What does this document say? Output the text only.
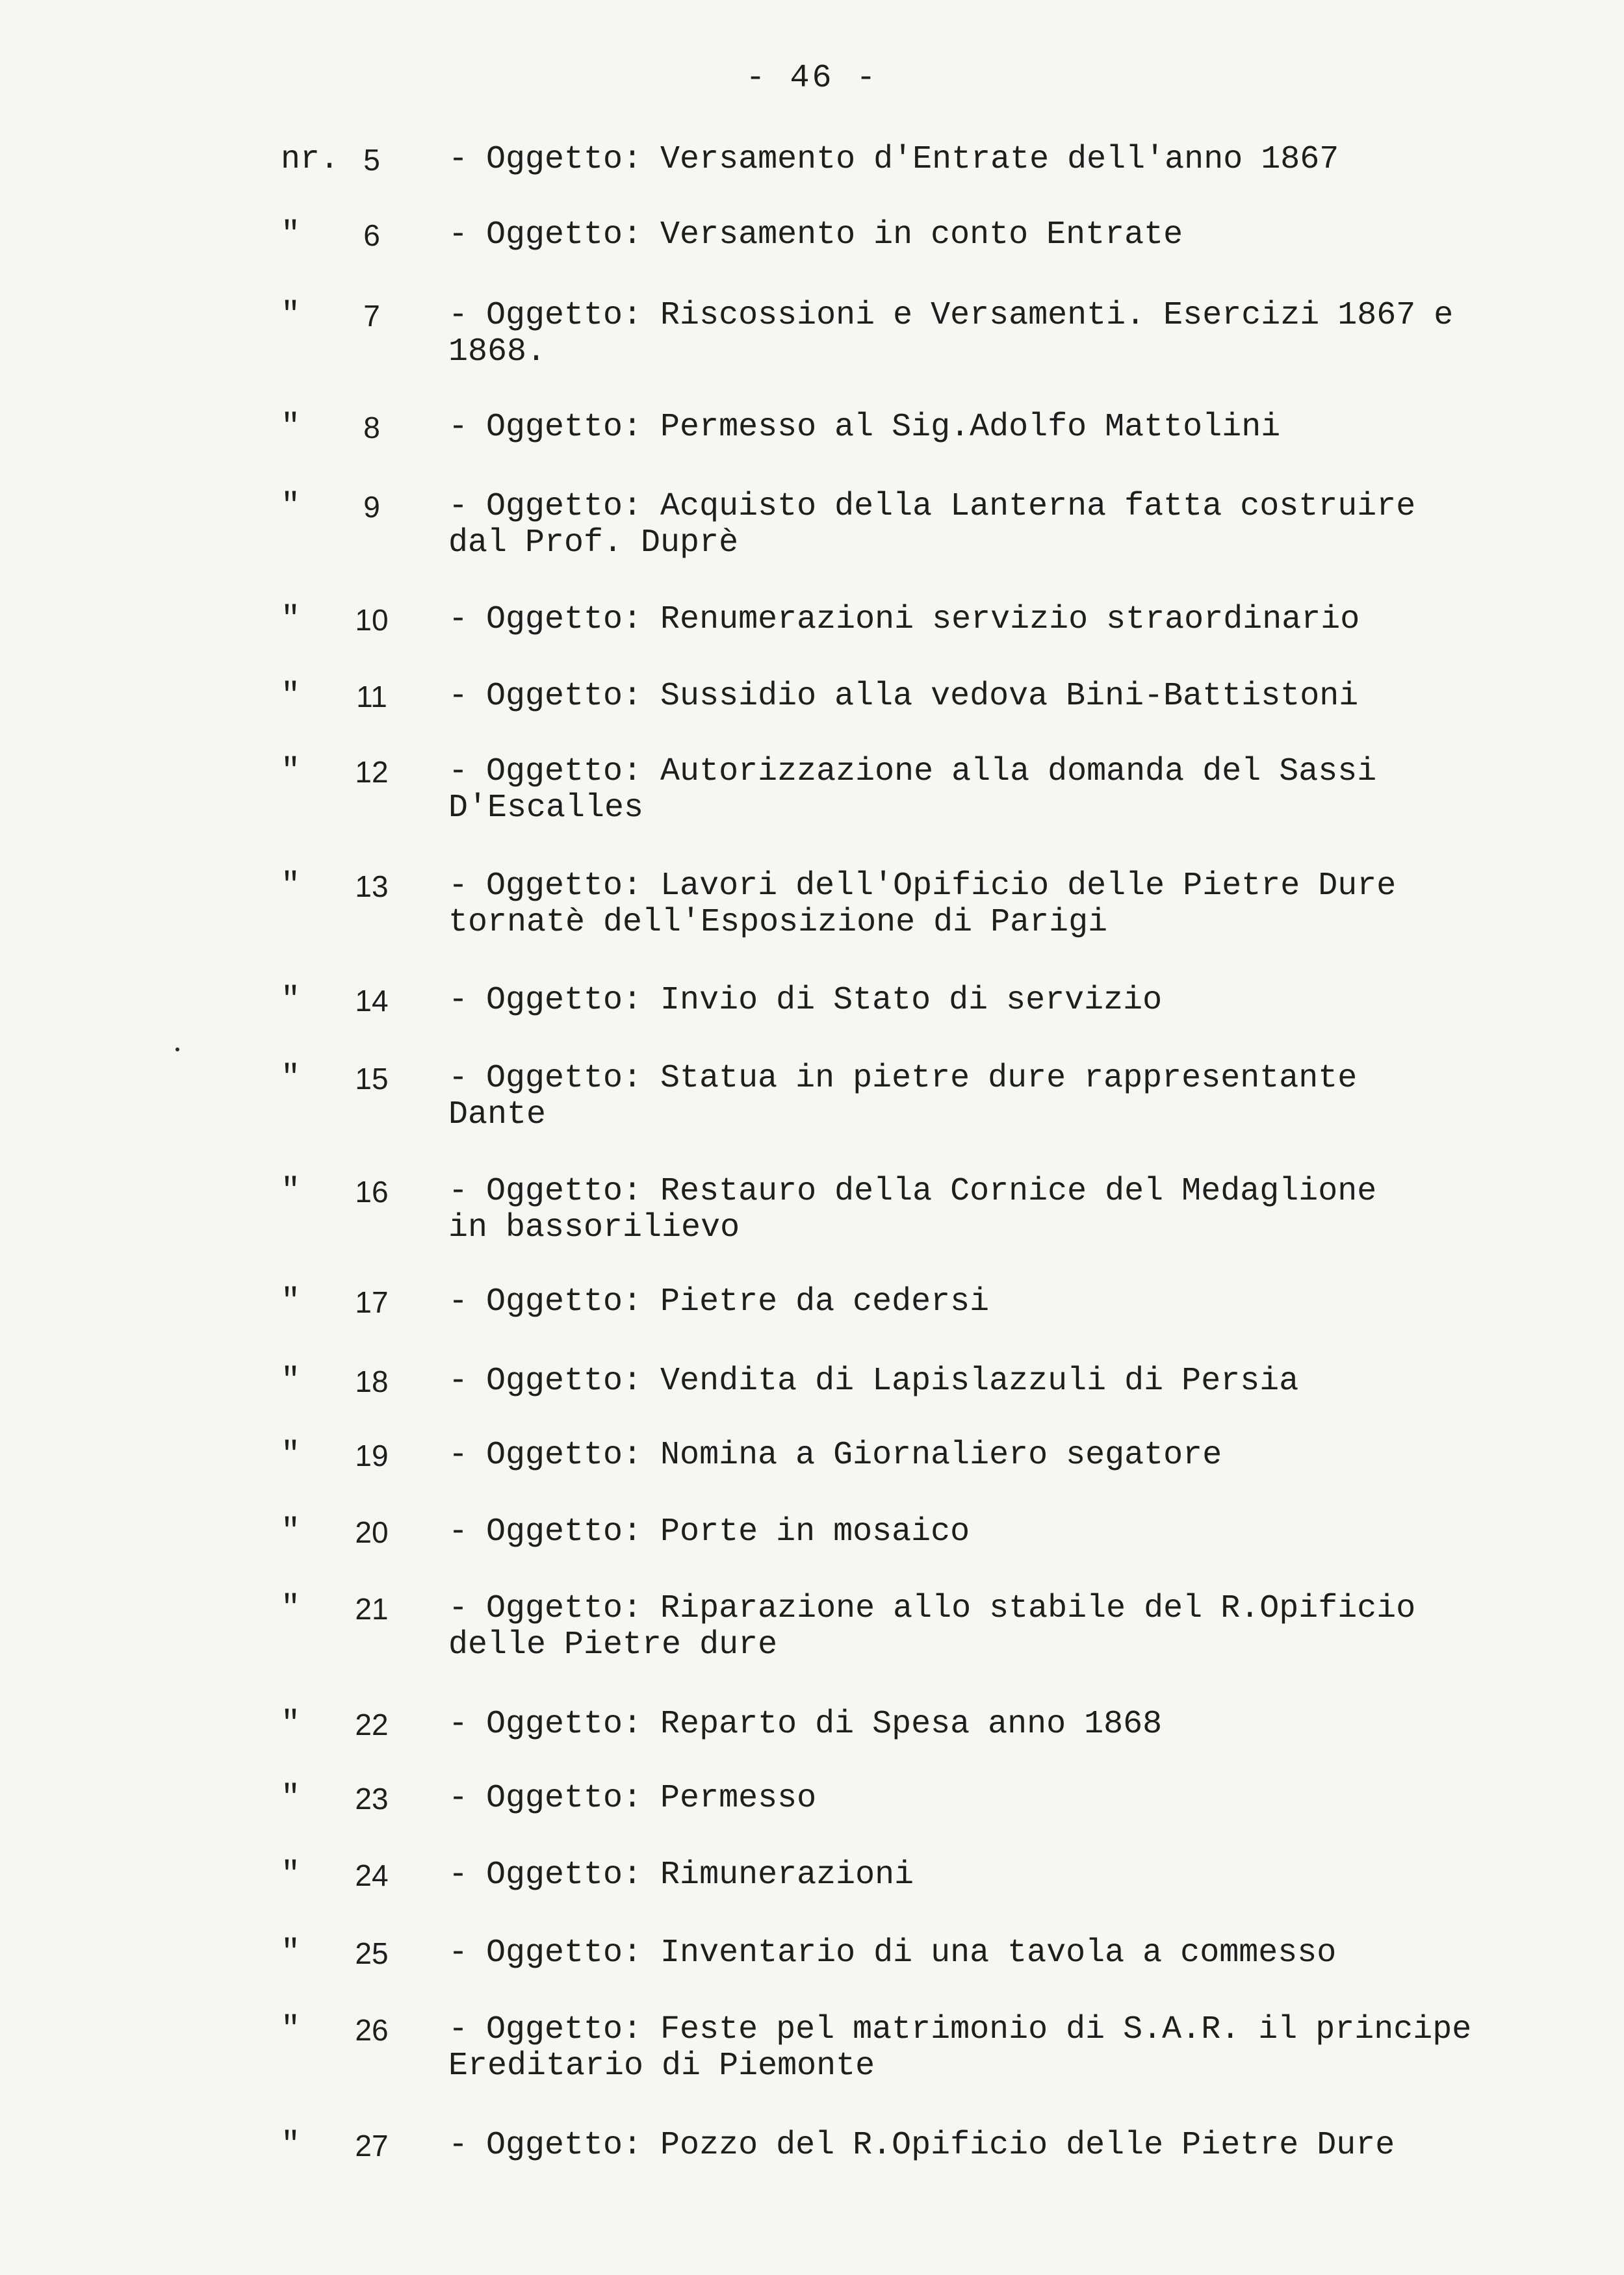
- 46 -
nr. 5	- Oggetto: Versamento d'Entrate dell'anno 1867
"	6	- Oggetto: Versamento in conto Entrate
"	7	- Oggetto: Riscossioni e Versamenti. Esercizi 1867 e
1868.
"	8	- Oggetto: Permesso al Sig.Adolfo Mattolini
"	9	- Oggetto: Acquisto della Lanterna fatta costruire
dal Prof. Duprè
"	10	- Oggetto: Renumerazioni servizio straordinario
"	11	- Oggetto: Sussidio alla vedova Bini-Battistoni
"	12	- Oggetto: Autorizzazione alla domanda del Sassi
D'Escalles
"	13	- Oggetto: Lavori dell'Opificio delle Pietre Dure
tornatè dell'Esposizione di Parigi
"	14	- Oggetto: Invio di Stato di servizio
"	15	- Oggetto: Statua in pietre dure rappresentante
Dante
"	16	- Oggetto: Restauro della Cornice del Medaglione
in bassorilievo
"	17	- Oggetto: Pietre da cedersi
"	18	- Oggetto: Vendita di Lapislazzuli di Persia
"	19	- Oggetto: Nomina a Giornaliero segatore
"	20	- Oggetto: Porte in mosaico
"	21	- Oggetto: Riparazione allo stabile del R.Opificio
delle Pietre dure
"	22	- Oggetto: Reparto di Spesa anno 1868
"	23	- Oggetto: Permesso
"	24	- Oggetto: Rimunerazioni
"	25	- Oggetto: Inventario di una tavola a commesso
"	26	- Oggetto: Feste pel matrimonio di S.A.R. il principe
Ereditario di Piemonte
"	27	- Oggetto: Pozzo del R.Opificio delle Pietre Dure
